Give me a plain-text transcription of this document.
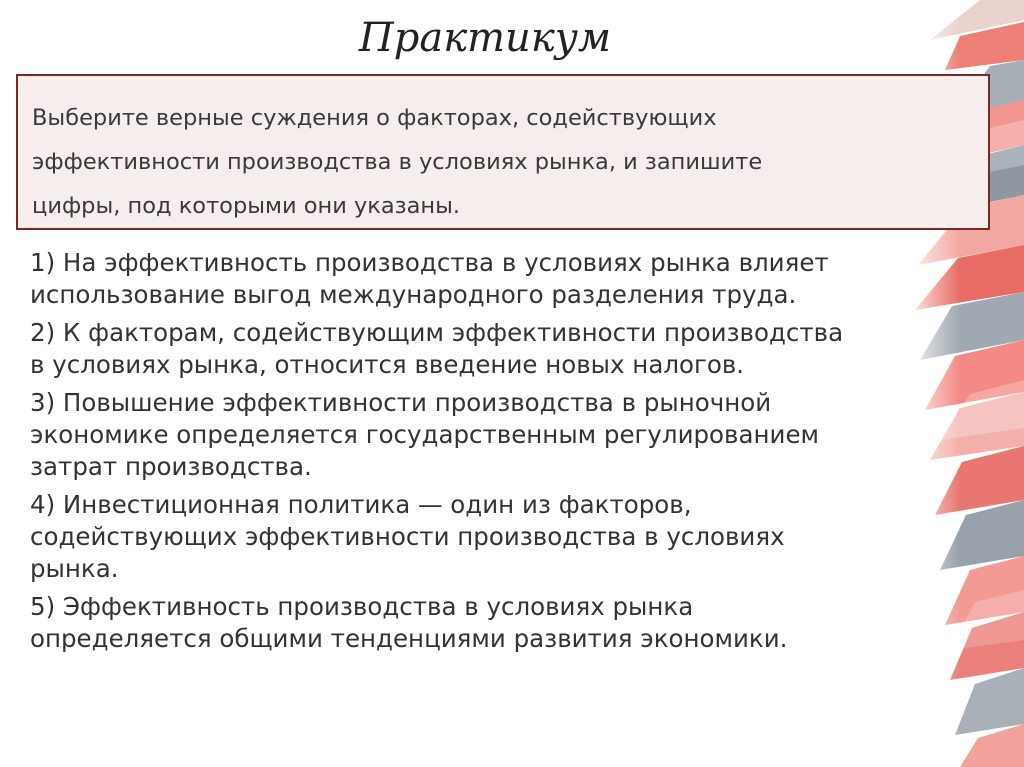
Практикум

Выберите верные суждения о факторах, содействующих
эффективности производства в условиях рынка, и запишите
цифры, под которыми они указаны.

1) На эффективность производства в условиях рынка влияет
использование выгод международного разделения труда.
2) К факторам, содействующим эффективности производства
в условиях рынка, относится введение новых налогов.
3) Повышение эффективности производства в рыночной
экономике определяется государственным регулированием
затрат производства.
4) Инвестиционная политика — один из факторов,
содействующих эффективности производства в условиях
рынка.
5) Эффективность производства в условиях рынка
определяется общими тенденциями развития экономики.
